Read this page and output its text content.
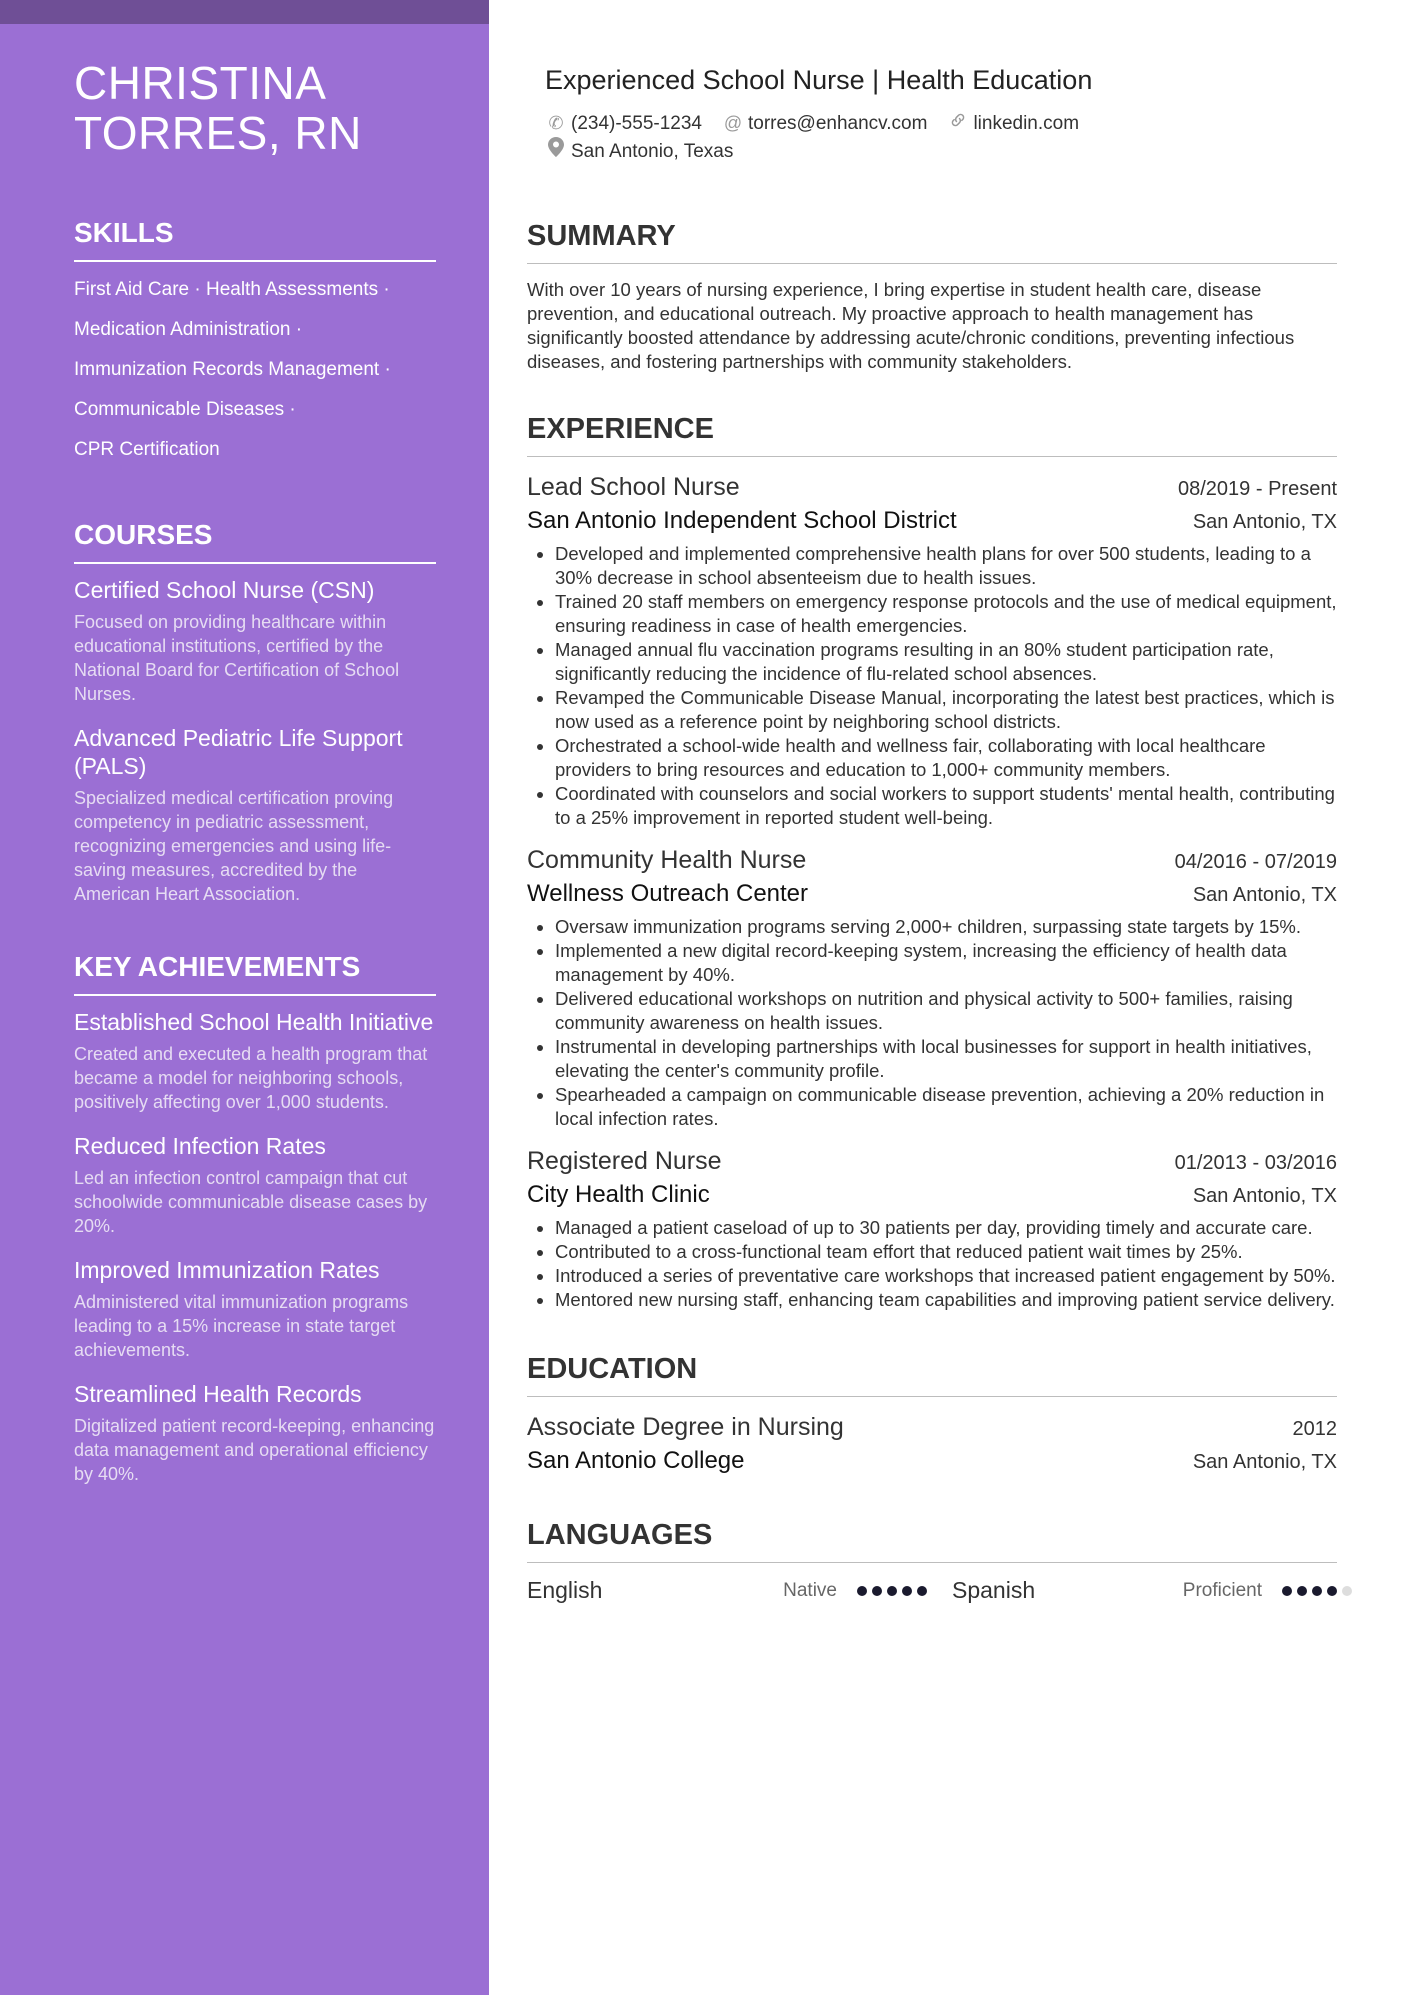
CHRISTINA
TORRES, RN
SKILLS
First Aid Care · Health Assessments ·
Medication Administration ·
Immunization Records Management ·
Communicable Diseases ·
CPR Certification
COURSES
Certified School Nurse (CSN)
Focused on providing healthcare within educational institutions, certified by the National Board for Certification of School Nurses.
Advanced Pediatric Life Support (PALS)
Specialized medical certification proving competency in pediatric assessment, recognizing emergencies and using life-saving measures, accredited by the American Heart Association.
KEY ACHIEVEMENTS
Established School Health Initiative
Created and executed a health program that became a model for neighboring schools, positively affecting over 1,000 students.
Reduced Infection Rates
Led an infection control campaign that cut schoolwide communicable disease cases by 20%.
Improved Immunization Rates
Administered vital immunization programs leading to a 15% increase in state target achievements.
Streamlined Health Records
Digitalized patient record-keeping, enhancing data management and operational efficiency by 40%.
Experienced School Nurse | Health Education
✆ (234)-555-1234 @ torres@enhancv.com linkedin.com
San Antonio, Texas
SUMMARY

With over 10 years of nursing experience, I bring expertise in student health care, disease prevention, and educational outreach. My proactive approach to health management has significantly boosted attendance by addressing acute/chronic conditions, preventing infectious diseases, and fostering partnerships with community stakeholders.

EXPERIENCE
Lead School Nurse	08/2019 - Present
San Antonio Independent School District	San Antonio, TX
• Developed and implemented comprehensive health plans for over 500 students, leading to a 30% decrease in school absenteeism due to health issues.
• Trained 20 staff members on emergency response protocols and the use of medical equipment, ensuring readiness in case of health emergencies.
• Managed annual flu vaccination programs resulting in an 80% student participation rate, significantly reducing the incidence of flu-related school absences.
• Revamped the Communicable Disease Manual, incorporating the latest best practices, which is now used as a reference point by neighboring school districts.
• Orchestrated a school-wide health and wellness fair, collaborating with local healthcare providers to bring resources and education to 1,000+ community members.
• Coordinated with counselors and social workers to support students' mental health, contributing to a 25% improvement in reported student well-being.
Community Health Nurse	04/2016 - 07/2019
Wellness Outreach Center	San Antonio, TX
• Oversaw immunization programs serving 2,000+ children, surpassing state targets by 15%.
• Implemented a new digital record-keeping system, increasing the efficiency of health data management by 40%.
• Delivered educational workshops on nutrition and physical activity to 500+ families, raising community awareness on health issues.
• Instrumental in developing partnerships with local businesses for support in health initiatives, elevating the center's community profile.
• Spearheaded a campaign on communicable disease prevention, achieving a 20% reduction in local infection rates.
Registered Nurse	01/2013 - 03/2016
City Health Clinic	San Antonio, TX
• Managed a patient caseload of up to 30 patients per day, providing timely and accurate care.
• Contributed to a cross-functional team effort that reduced patient wait times by 25%.
• Introduced a series of preventative care workshops that increased patient engagement by 50%.
• Mentored new nursing staff, enhancing team capabilities and improving patient service delivery.
EDUCATION
Associate Degree in Nursing	2012
San Antonio College	San Antonio, TX
LANGUAGES
English	Native	Spanish	Proficient
